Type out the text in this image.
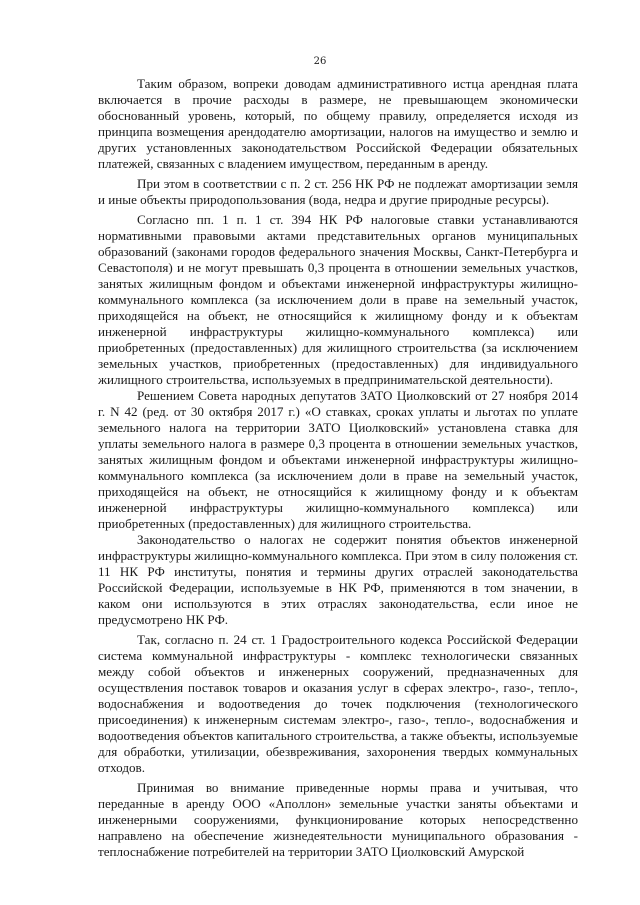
26

Таким образом, вопреки доводам административного истца арендная плата включается в прочие расходы в размере, не превышающем экономически обоснованный уровень, который, по общему правилу, определяется исходя из принципа возмещения арендодателю амортизации, налогов на имущество и землю и других установленных законодательством Российской Федерации обязательных платежей, связанных с владением имуществом, переданным в аренду.

При этом в соответствии с п. 2 ст. 256 НК РФ не подлежат амортизации земля и иные объекты природопользования (вода, недра и другие природные ресурсы).

Согласно пп. 1 п. 1 ст. 394 НК РФ налоговые ставки устанавливаются нормативными правовыми актами представительных органов муниципальных образований (законами городов федерального значения Москвы, Санкт-Петербурга и Севастополя) и не могут превышать 0,3 процента в отношении земельных участков, занятых жилищным фондом и объектами инженерной инфраструктуры жилищно-коммунального комплекса (за исключением доли в праве на земельный участок, приходящейся на объект, не относящийся к жилищному фонду и к объектам инженерной инфраструктуры жилищно-коммунального комплекса) или приобретенных (предоставленных) для жилищного строительства (за исключением земельных участков, приобретенных (предоставленных) для индивидуального жилищного строительства, используемых в предпринимательской деятельности).

Решением Совета народных депутатов ЗАТО Циолковский от 27 ноября 2014 г. N 42 (ред. от 30 октября 2017 г.) «О ставках, сроках уплаты и льготах по уплате земельного налога на территории ЗАТО Циолковский» установлена ставка для уплаты земельного налога в размере 0,3 процента в отношении земельных участков, занятых жилищным фондом и объектами инженерной инфраструктуры жилищно-коммунального комплекса (за исключением доли в праве на земельный участок, приходящейся на объект, не относящийся к жилищному фонду и к объектам инженерной инфраструктуры жилищно-коммунального комплекса) или приобретенных (предоставленных) для жилищного строительства.

Законодательство о налогах не содержит понятия объектов инженерной инфраструктуры жилищно-коммунального комплекса. При этом в силу положения ст. 11 НК РФ институты, понятия и термины других отраслей законодательства Российской Федерации, используемые в НК РФ, применяются в том значении, в каком они используются в этих отраслях законодательства, если иное не предусмотрено НК РФ.

Так, согласно п. 24 ст. 1 Градостроительного кодекса Российской Федерации система коммунальной инфраструктуры - комплекс технологически связанных между собой объектов и инженерных сооружений, предназначенных для осуществления поставок товаров и оказания услуг в сферах электро-, газо-, тепло-, водоснабжения и водоотведения до точек подключения (технологического присоединения) к инженерным системам электро-, газо-, тепло-, водоснабжения и водоотведения объектов капитального строительства, а также объекты, используемые для обработки, утилизации, обезвреживания, захоронения твердых коммунальных отходов.

Принимая во внимание приведенные нормы права и учитывая, что переданные в аренду ООО «Аполлон» земельные участки заняты объектами и инженерными сооружениями, функционирование которых непосредственно направлено на обеспечение жизнедеятельности муниципального образования - теплоснабжение потребителей на территории ЗАТО Циолковский Амурской
